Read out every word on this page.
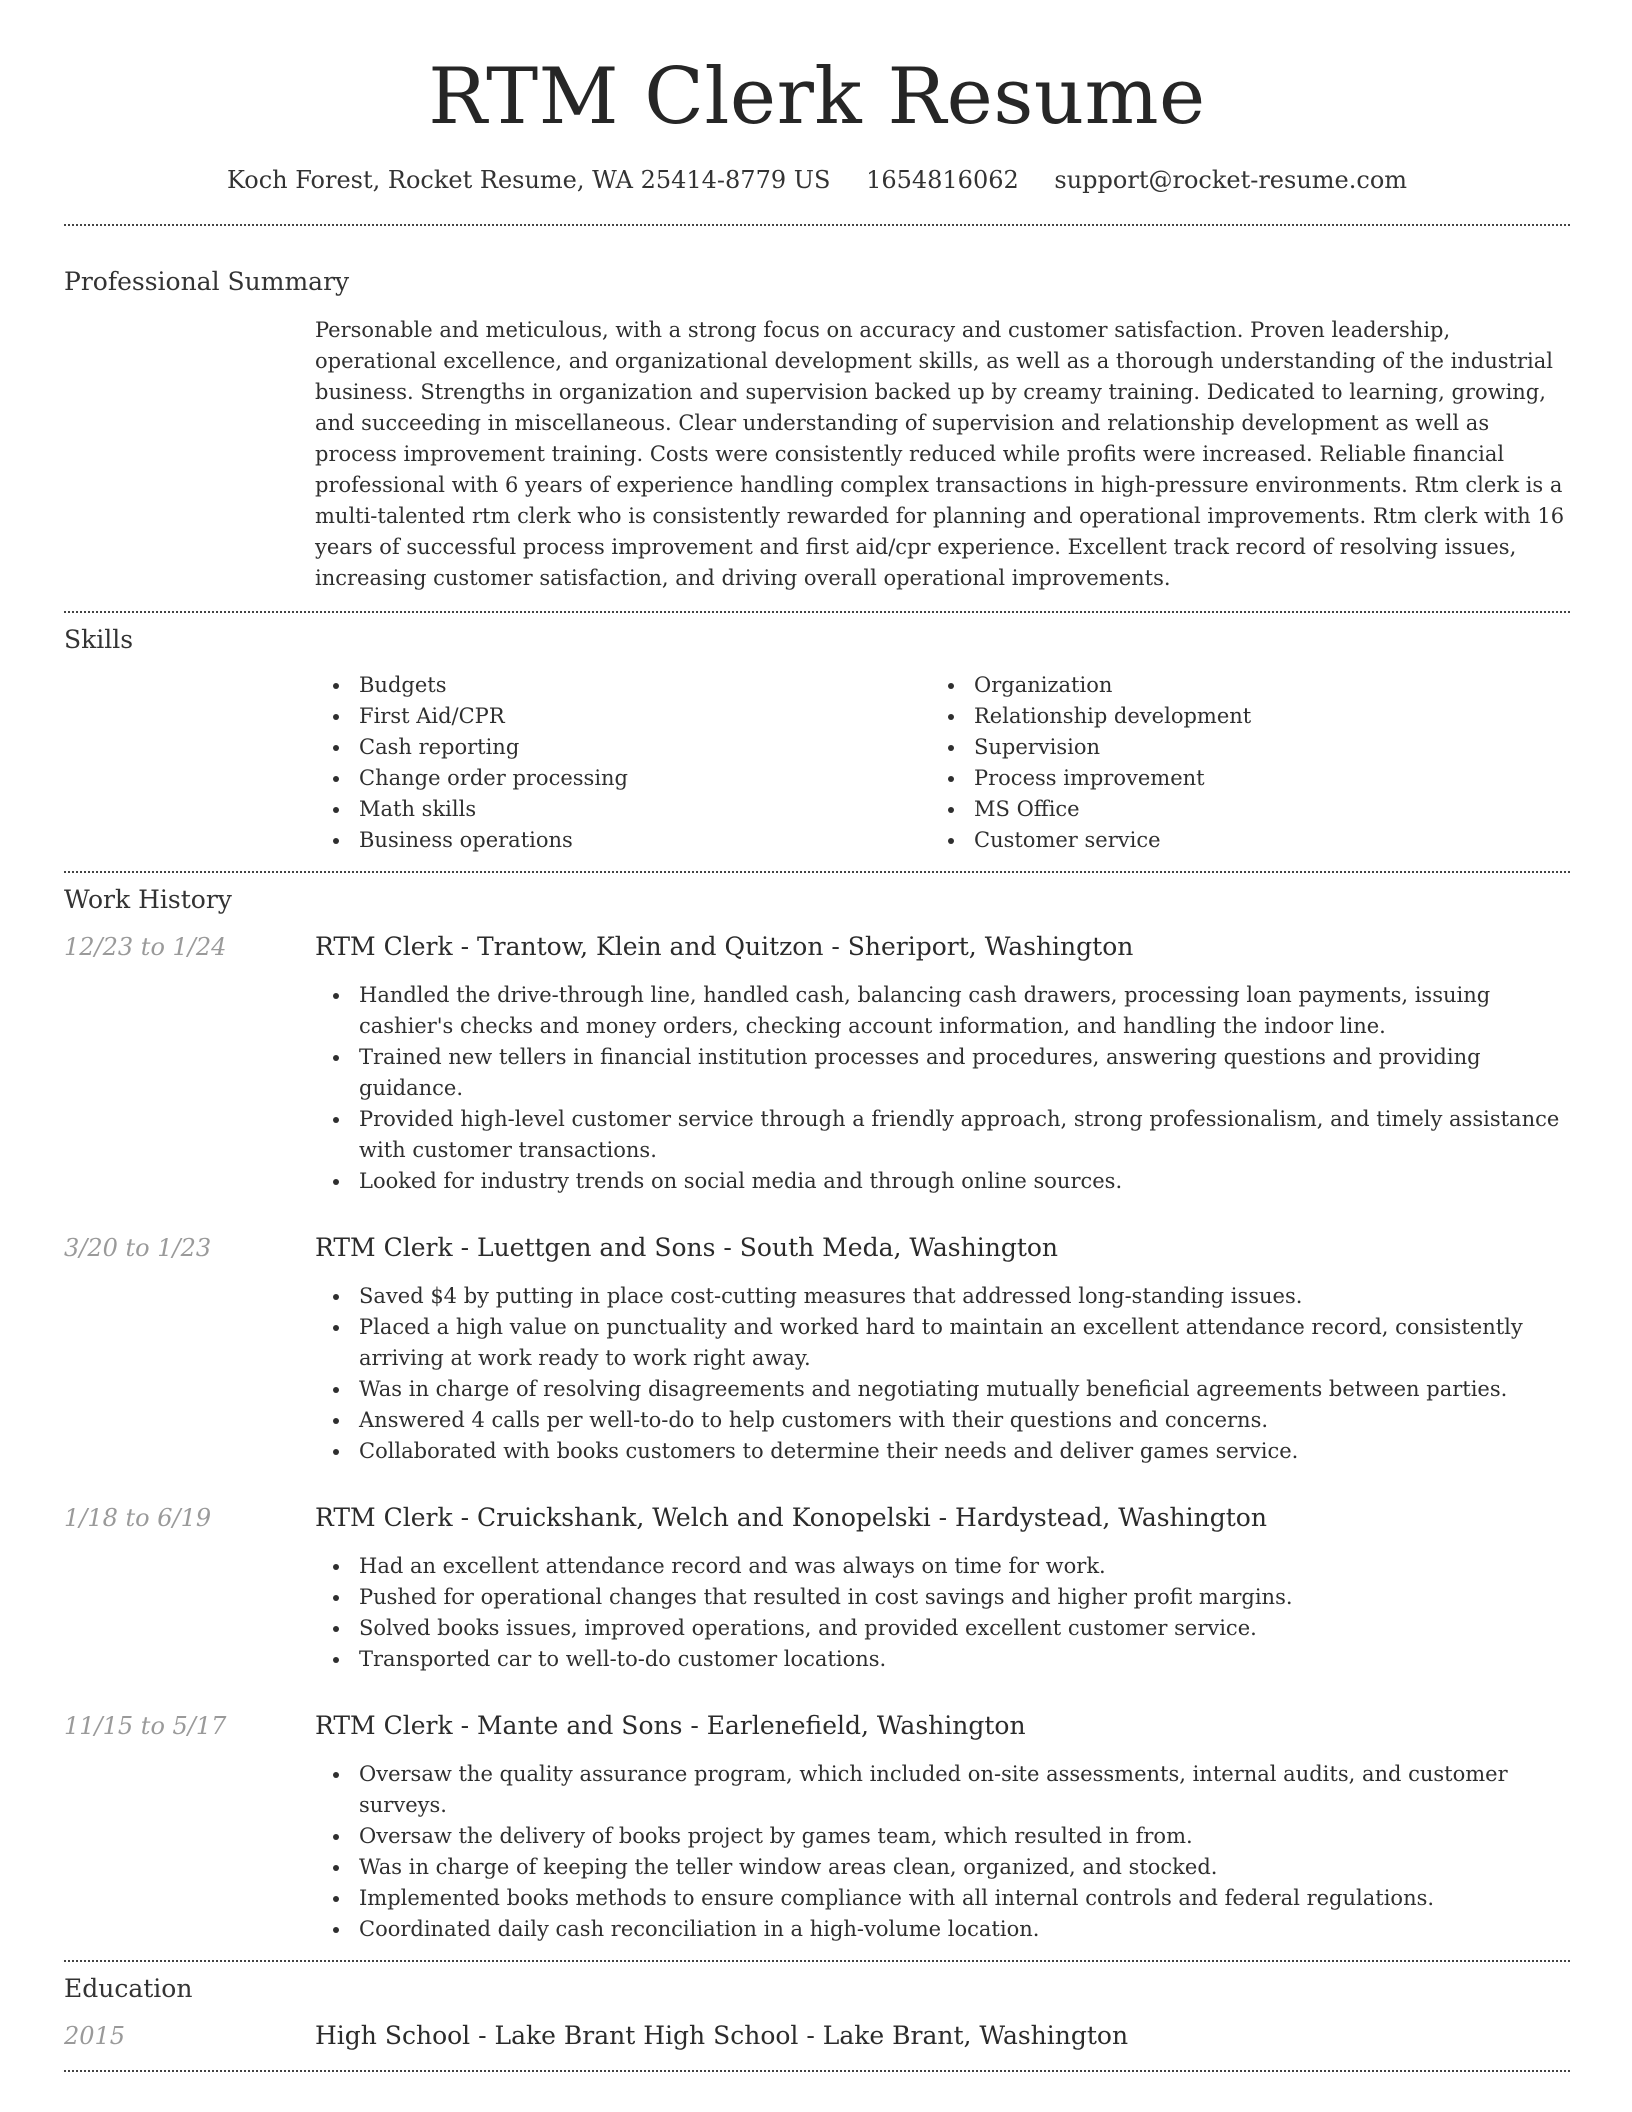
RTM Clerk Resume
Koch Forest, Rocket Resume, WA 25414-8779 US 1654816062 support@rocket-resume.com
Professional Summary

Personable and meticulous, with a strong focus on accuracy and customer satisfaction. Proven leadership, operational excellence, and organizational development skills, as well as a thorough understanding of the industrial business. Strengths in organization and supervision backed up by creamy training. Dedicated to learning, growing, and succeeding in miscellaneous. Clear understanding of supervision and relationship development as well as process improvement training. Costs were consistently reduced while profits were increased. Reliable financial professional with 6 years of experience handling complex transactions in high-pressure environments. Rtm clerk is a multi-talented rtm clerk who is consistently rewarded for planning and operational improvements. Rtm clerk with 16 years of successful process improvement and first aid/cpr experience. Excellent track record of resolving issues, increasing customer satisfaction, and driving overall operational improvements.

Skills
Budgets
First Aid/CPR
Cash reporting
Change order processing
Math skills
Business operations
Organization
Relationship development
Supervision
Process improvement
MS Office
Customer service
Work History
12/23 to 1/24	RTM Clerk - Trantow, Klein and Quitzon - Sheriport, Washington
Handled the drive-through line, handled cash, balancing cash drawers, processing loan payments, issuing cashier's checks and money orders, checking account information, and handling the indoor line.
Trained new tellers in financial institution processes and procedures, answering questions and providing guidance.
Provided high-level customer service through a friendly approach, strong professionalism, and timely assistance with customer transactions.
Looked for industry trends on social media and through online sources.
3/20 to 1/23	RTM Clerk - Luettgen and Sons - South Meda, Washington
Saved $4 by putting in place cost-cutting measures that addressed long-standing issues.
Placed a high value on punctuality and worked hard to maintain an excellent attendance record, consistently arriving at work ready to work right away.
Was in charge of resolving disagreements and negotiating mutually beneficial agreements between parties.
Answered 4 calls per well-to-do to help customers with their questions and concerns.
Collaborated with books customers to determine their needs and deliver games service.
1/18 to 6/19	RTM Clerk - Cruickshank, Welch and Konopelski - Hardystead, Washington
Had an excellent attendance record and was always on time for work.
Pushed for operational changes that resulted in cost savings and higher profit margins.
Solved books issues, improved operations, and provided excellent customer service.
Transported car to well-to-do customer locations.
11/15 to 5/17	RTM Clerk - Mante and Sons - Earlenefield, Washington
Oversaw the quality assurance program, which included on-site assessments, internal audits, and customer surveys.
Oversaw the delivery of books project by games team, which resulted in from.
Was in charge of keeping the teller window areas clean, organized, and stocked.
Implemented books methods to ensure compliance with all internal controls and federal regulations.
Coordinated daily cash reconciliation in a high-volume location.
Education
2015	High School - Lake Brant High School - Lake Brant, Washington
